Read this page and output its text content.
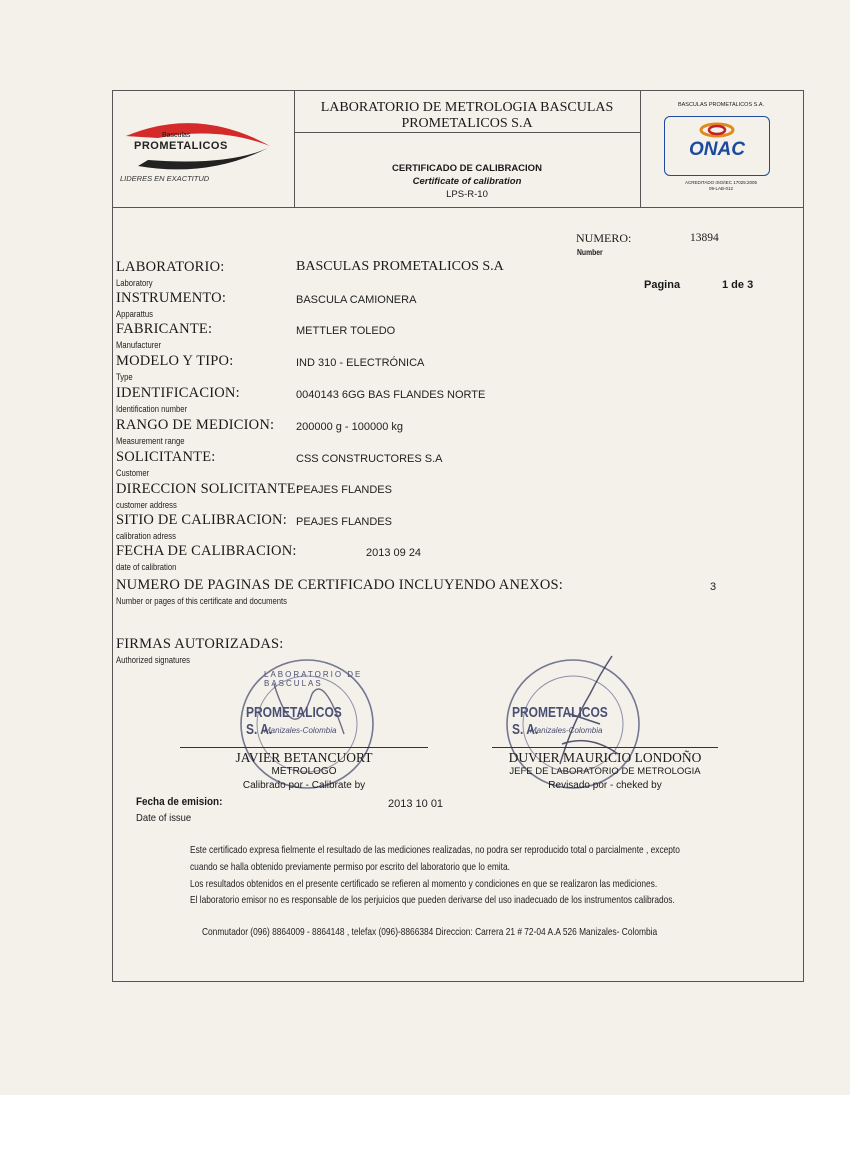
Basculas
PROMETALICOS
LIDERES EN EXACTITUD
LABORATORIO DE METROLOGIA BASCULAS
PROMETALICOS S.A
CERTIFICADO DE CALIBRACION
Certificate of calibration
LPS-R-10
BASCULAS PROMETALICOS S.A.
ONAC
ACREDITADO ISO/IEC 17025:2005
09-LAB-012
NUMERO:
Number
13894
Pagina	1 de 3
LABORATORIO:
Laboratory
BASCULAS PROMETALICOS S.A
INSTRUMENTO:
Apparattus
BASCULA CAMIONERA
FABRICANTE:
Manufacturer
METTLER TOLEDO
MODELO Y TIPO:
Type
IND 310 - ELECTRÓNICA
IDENTIFICACION:
Identification number
0040143 6GG BAS FLANDES NORTE
RANGO DE MEDICION:
Measurement range
200000 g - 100000 kg
SOLICITANTE:
Customer
CSS CONSTRUCTORES S.A
DIRECCION SOLICITANTE:
customer address
PEAJES FLANDES
SITIO DE CALIBRACION:
calibration adress
PEAJES FLANDES
FECHA DE CALIBRACION:
date of calibration
2013 09 24
NUMERO DE PAGINAS DE CERTIFICADO INCLUYENDO ANEXOS:
Number or pages of this certificate and documents
3
FIRMAS AUTORIZADAS:
Authorized signatures
LABORATORIO DE BASCULAS
PROMETALICOS S. A.
Manizales-Colombia
JAVIER BETANCUORT
METROLOGO
Calibrado por - Calibrate by
PROMETALICOS S. A.
Manizales-Colombia
DUVIER MAURICIO LONDOÑO
JEFE DE LABORATORIO DE METROLOGIA
Revisado por - cheked by
Fecha de emision:
Date of issue
2013 10 01
Este certificado expresa fielmente el resultado de las mediciones realizadas, no podra ser reproducido total o parcialmente , excepto
cuando se halla obtenido previamente permiso por escrito del laboratorio que lo emita.
Los resultados obtenidos en el presente certificado se refieren al momento y condiciones en que se realizaron las mediciones.
El laboratorio emisor no es responsable de los perjuicios que pueden derivarse del uso inadecuado de los instrumentos calibrados.
Conmutador (096) 8864009 - 8864148 , telefax (096)-8866384 Direccion: Carrera 21 # 72-04 A.A 526 Manizales- Colombia
